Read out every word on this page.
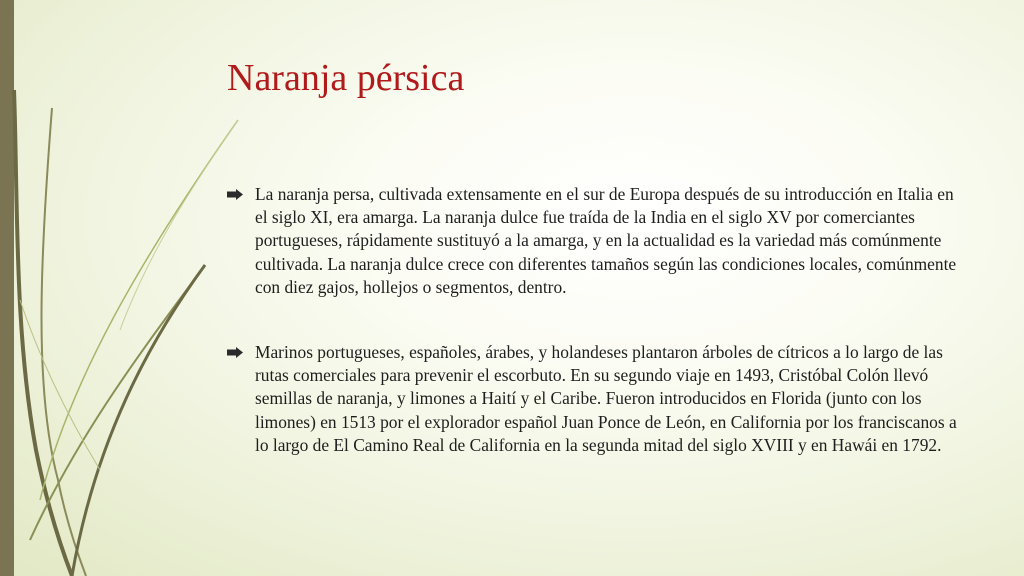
Naranja pérsica
La naranja persa, cultivada extensamente en el sur de Europa después de su introducción en Italia en el siglo XI, era amarga. La naranja dulce fue traída de la India en el siglo XV por comerciantes portugueses, rápidamente sustituyó a la amarga, y en la actualidad es la variedad más comúnmente cultivada. La naranja dulce crece con diferentes tamaños según las condiciones locales, comúnmente con diez gajos, hollejos o segmentos, dentro.
Marinos portugueses, españoles, árabes, y holandeses plantaron árboles de cítricos a lo largo de las rutas comerciales para prevenir el escorbuto. En su segundo viaje en 1493, Cristóbal Colón llevó semillas de naranja, y limones a Haití y el Caribe. Fueron introducidos en Florida (junto con los limones) en 1513 por el explorador español Juan Ponce de León, en California por los franciscanos a lo largo de El Camino Real de California en la segunda mitad del siglo XVIII y en Hawái en 1792.
